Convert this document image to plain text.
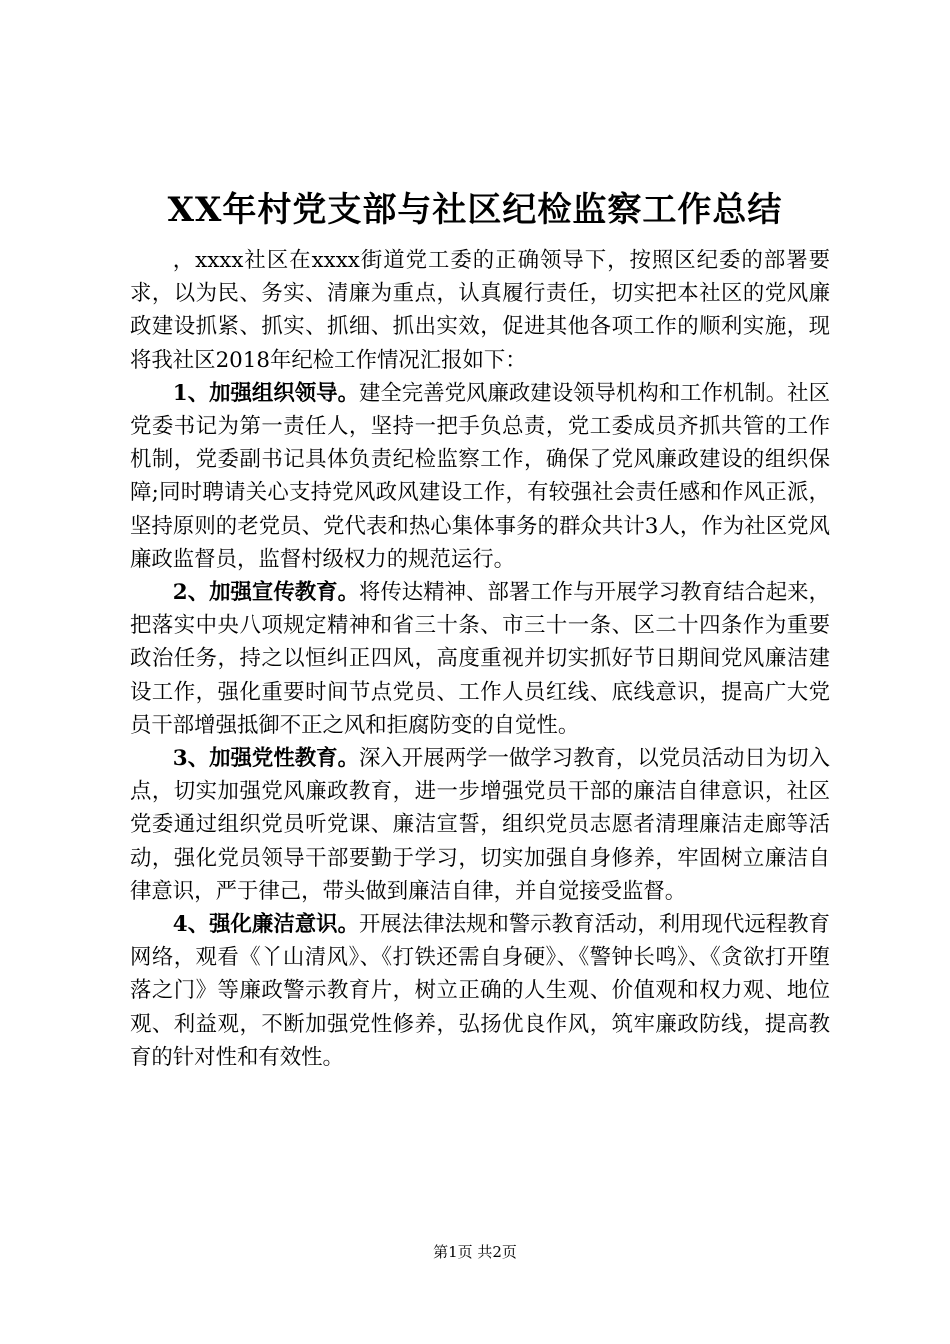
XX年村党支部与社区纪检监察工作总结

，xxxx社区在xxxx街道党工委的正确领导下，按照区纪委的部署要求，以为民、务实、清廉为重点，认真履行责任，切实把本社区的党风廉政建设抓紧、抓实、抓细、抓出实效，促进其他各项工作的顺利实施，现将我社区2018年纪检工作情况汇报如下：

1、加强组织领导。建全完善党风廉政建设领导机构和工作机制。社区党委书记为第一责任人，坚持一把手负总责，党工委成员齐抓共管的工作机制，党委副书记具体负责纪检监察工作，确保了党风廉政建设的组织保障;同时聘请关心支持党风政风建设工作，有较强社会责任感和作风正派，坚持原则的老党员、党代表和热心集体事务的群众共计3人，作为社区党风廉政监督员，监督村级权力的规范运行。

2、加强宣传教育。将传达精神、部署工作与开展学习教育结合起来，把落实中央八项规定精神和省三十条、市三十一条、区二十四条作为重要政治任务，持之以恒纠正四风，高度重视并切实抓好节日期间党风廉洁建设工作，强化重要时间节点党员、工作人员红线、底线意识，提高广大党员干部增强抵御不正之风和拒腐防变的自觉性。

3、加强党性教育。深入开展两学一做学习教育，以党员活动日为切入点，切实加强党风廉政教育，进一步增强党员干部的廉洁自律意识，社区党委通过组织党员听党课、廉洁宣誓，组织党员志愿者清理廉洁走廊等活动，强化党员领导干部要勤于学习，切实加强自身修养，牢固树立廉洁自律意识，严于律己，带头做到廉洁自律，并自觉接受监督。

4、强化廉洁意识。开展法律法规和警示教育活动，利用现代远程教育网络，观看《丫山清风》、《打铁还需自身硬》、《警钟长鸣》、《贪欲打开堕落之门》等廉政警示教育片，树立正确的人生观、价值观和权力观、地位观、利益观，不断加强党性修养，弘扬优良作风，筑牢廉政防线，提高教育的针对性和有效性。

第1页 共2页
